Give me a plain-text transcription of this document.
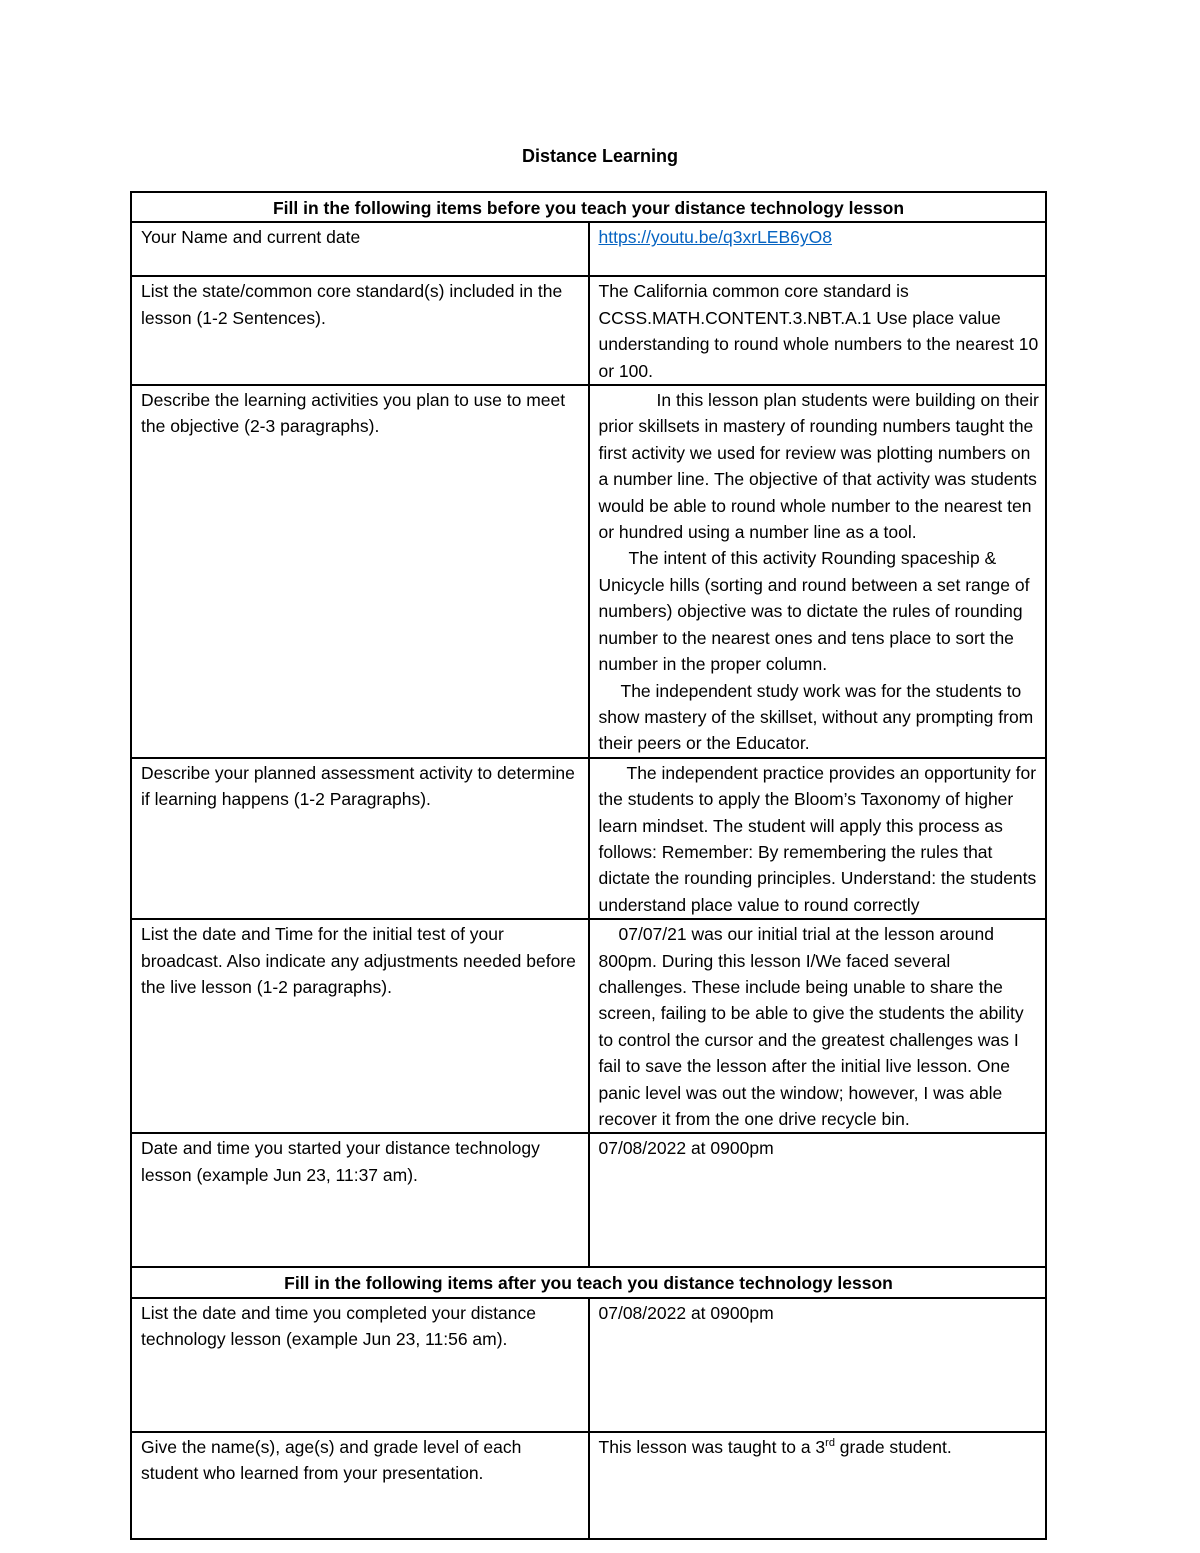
Distance Learning
Fill in the following items before you teach your distance technology lesson	
Your Name and current date	https://youtu.be/q3xrLEB6yO8
List the state/common core standard(s) included in the lesson (1-2 Sentences).	The California common core standard is CCSS.MATH.CONTENT.3.NBT.A.1 Use place value understanding to round whole numbers to the nearest 10 or 100.
Describe the learning activities you plan to use to meet the objective (2-3 paragraphs).	In this lesson plan students were building on their prior skillsets in mastery of rounding numbers taught the first activity we used for review was plotting numbers on a number line. The objective of that activity was students would be able to round whole number to the nearest ten or hundred using a number line as a tool.

The intent of this activity Rounding spaceship & Unicycle hills (sorting and round between a set range of numbers) objective was to dictate the rules of rounding number to the nearest ones and tens place to sort the number in the proper column.

The independent study work was for the students to show mastery of the skillset, without any prompting from their peers or the Educator.

Describe your planned assessment activity to determine if learning happens (1-2 Paragraphs).	The independent practice provides an opportunity for the students to apply the Bloom’s Taxonomy of higher learn mindset. The student will apply this process as follows: Remember: By remembering the rules that dictate the rounding principles. Understand: the students understand place value to round correctly

List the date and Time for the initial test of your broadcast. Also indicate any adjustments needed before the live lesson (1-2 paragraphs).	07/07/21 was our initial trial at the lesson around 800pm. During this lesson I/We faced several challenges. These include being unable to share the screen, failing to be able to give the students the ability to control the cursor and the greatest challenges was I fail to save the lesson after the initial live lesson. One panic level was out the window; however, I was able recover it from the one drive recycle bin.

Date and time you started your distance technology lesson (example Jun 23, 11:37 am).	07/08/2022 at 0900pm
Fill in the following items after you teach you distance technology lesson	
List the date and time you completed your distance technology lesson (example Jun 23, 11:56 am).	07/08/2022 at 0900pm
Give the name(s), age(s) and grade level of each student who learned from your presentation.	This lesson was taught to a 3rd grade student.
